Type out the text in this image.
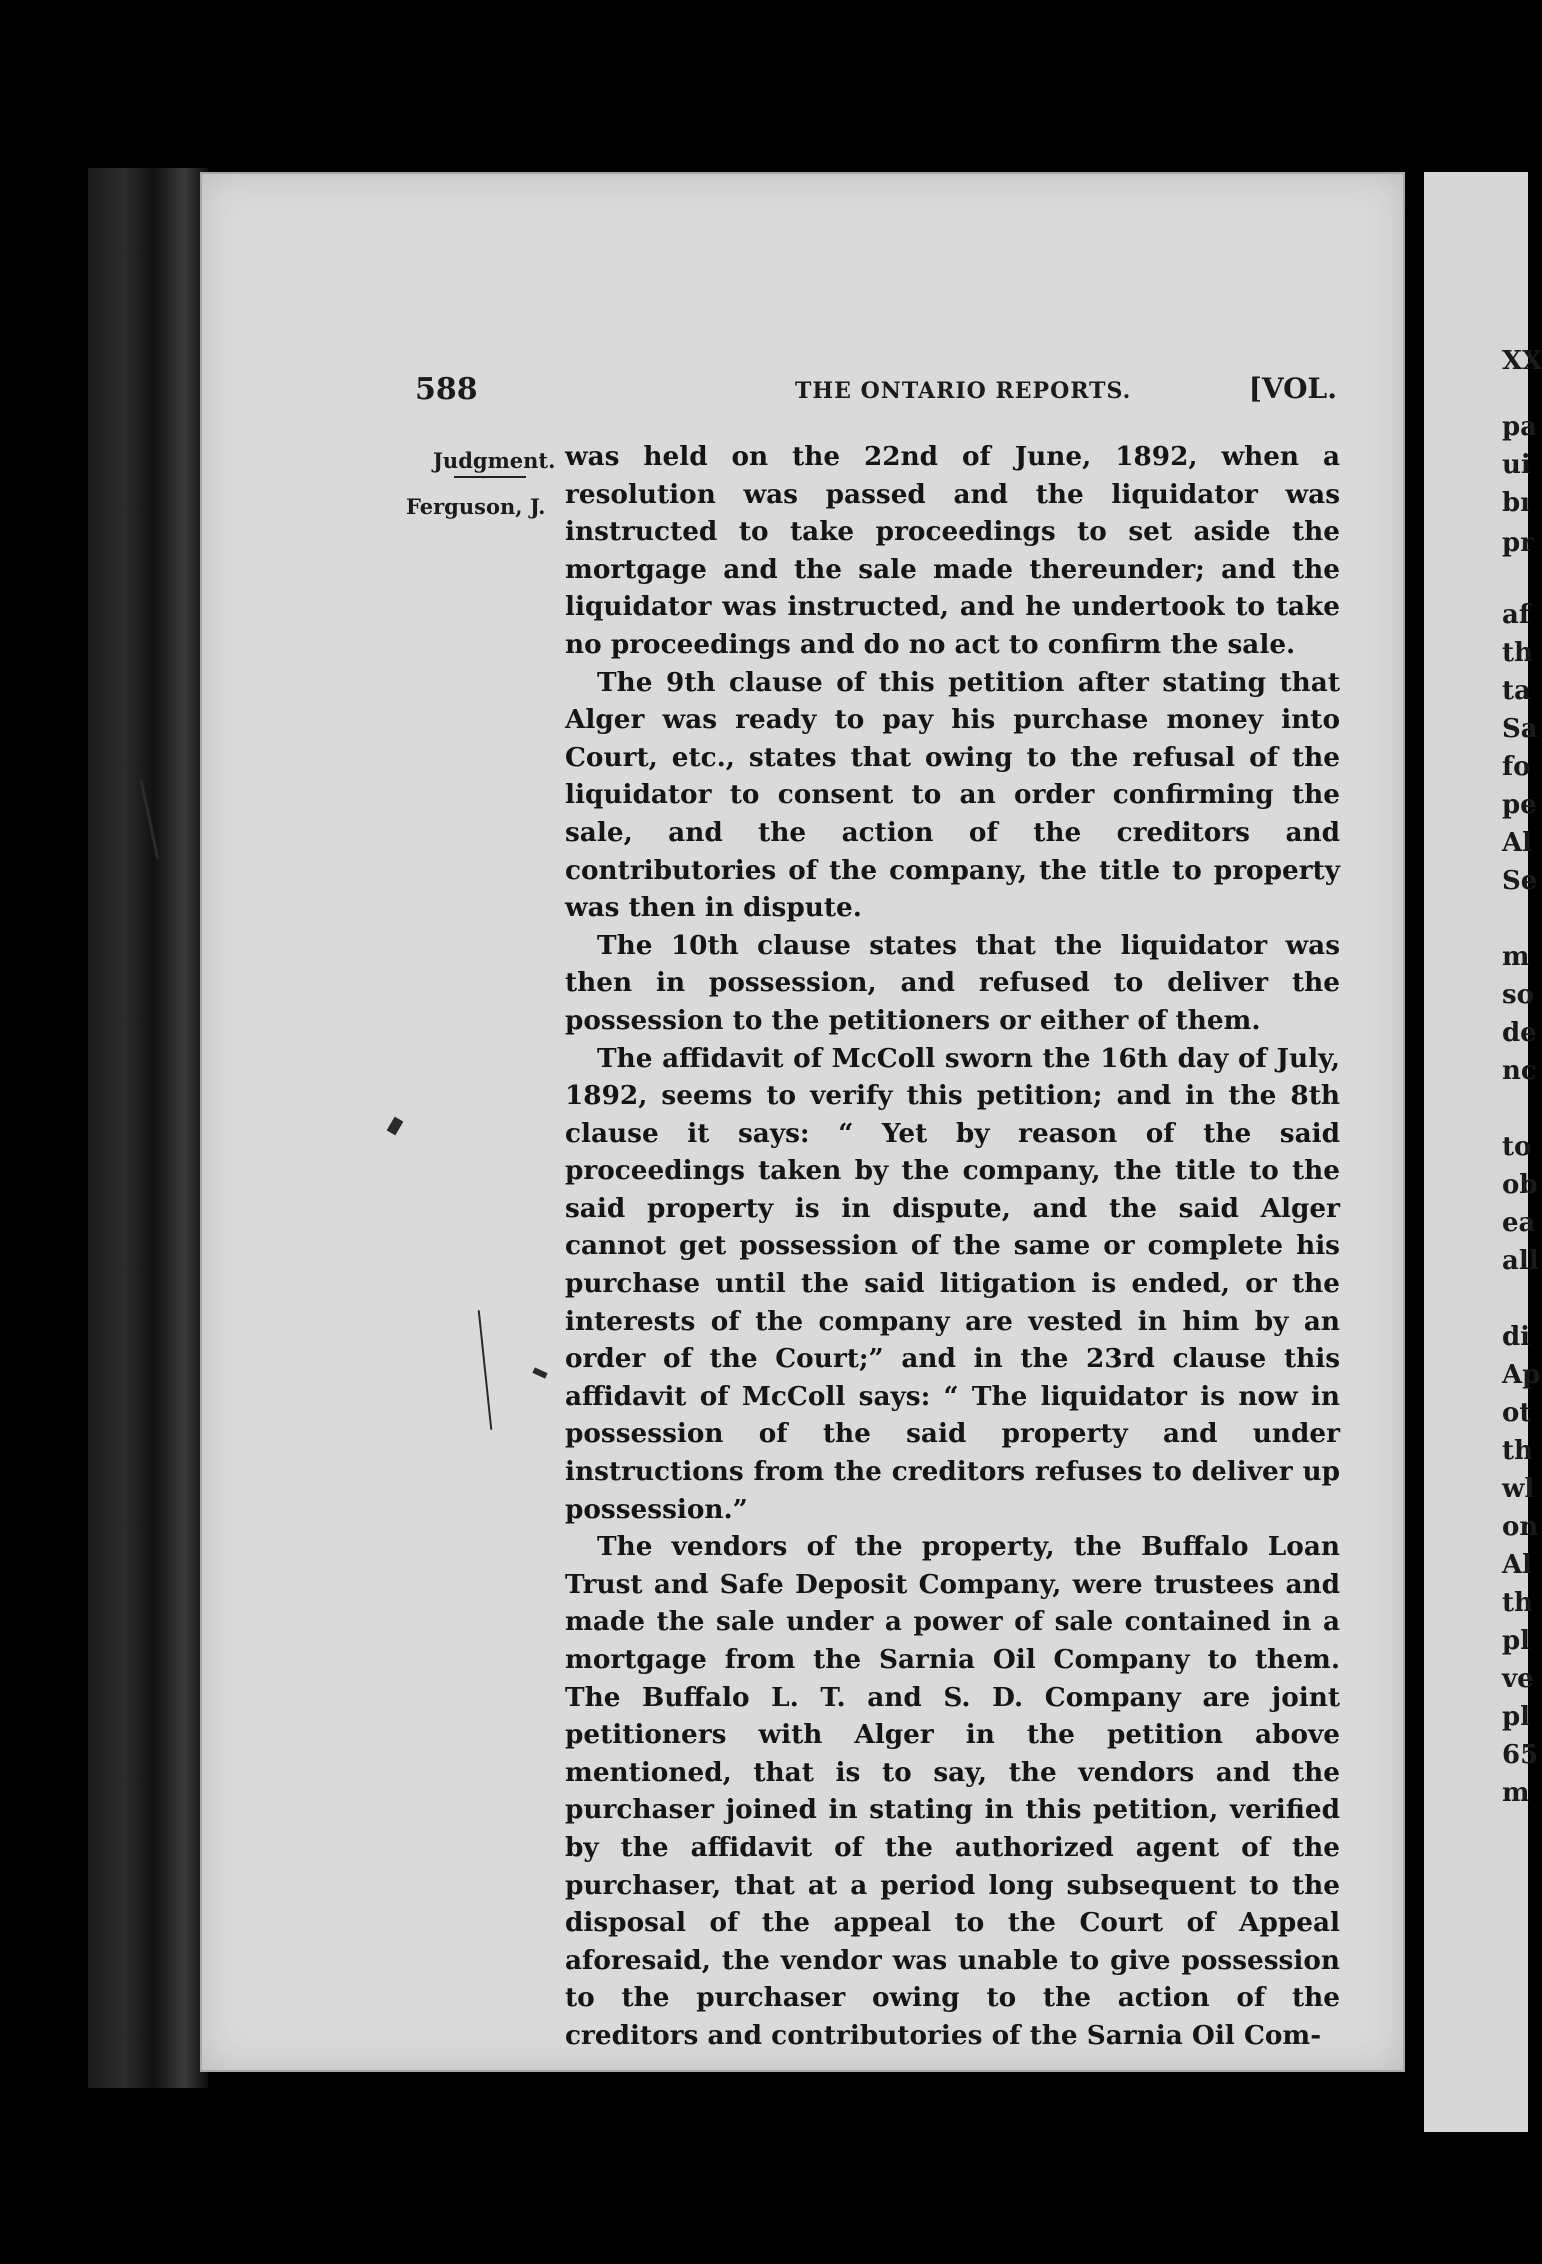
XX
pa
ui
bı
pr
af
th
ta
Sa
fo
pe
Al
Se
m
so
de
nc
to
ob
ea
all
di
Ap
ot
th
wl
on
Al
th
pl
ve
pl
65
m
588	THE ONTARIO REPORTS.	[VOL.
Judgment.
Ferguson, J.

was held on the 22nd of June, 1892, when a resolution was passed and the liquidator was instructed to take proceedings to set aside the mortgage and the sale made thereunder; and the liquidator was instructed, and he undertook to take no proceedings and do no act to confirm the sale.

The 9th clause of this petition after stating that Alger was ready to pay his purchase money into Court, etc., states that owing to the refusal of the liquidator to consent to an order confirming the sale, and the action of the creditors and contributories of the company, the title to property was then in dispute.

The 10th clause states that the liquidator was then in possession, and refused to deliver the possession to the petitioners or either of them.

The affidavit of McColl sworn the 16th day of July, 1892, seems to verify this petition; and in the 8th clause it says: “ Yet by reason of the said proceedings taken by the company, the title to the said property is in dispute, and the said Alger cannot get possession of the same or complete his purchase until the said litigation is ended, or the interests of the company are vested in him by an order of the Court;” and in the 23rd clause this affidavit of McColl says: “ The liquidator is now in possession of the said property and under instructions from the creditors refuses to deliver up possession.”

The vendors of the property, the Buffalo Loan Trust and Safe Deposit Company, were trustees and made the sale under a power of sale contained in a mortgage from the Sarnia Oil Company to them. The Buffalo L. T. and S. D. Company are joint petitioners with Alger in the petition above mentioned, that is to say, the vendors and the purchaser joined in stating in this petition, verified by the affidavit of the authorized agent of the purchaser, that at a period long subsequent to the disposal of the appeal to the Court of Appeal aforesaid, the vendor was unable to give possession to the purchaser owing to the action of the creditors and contributories of the Sarnia Oil Com-
